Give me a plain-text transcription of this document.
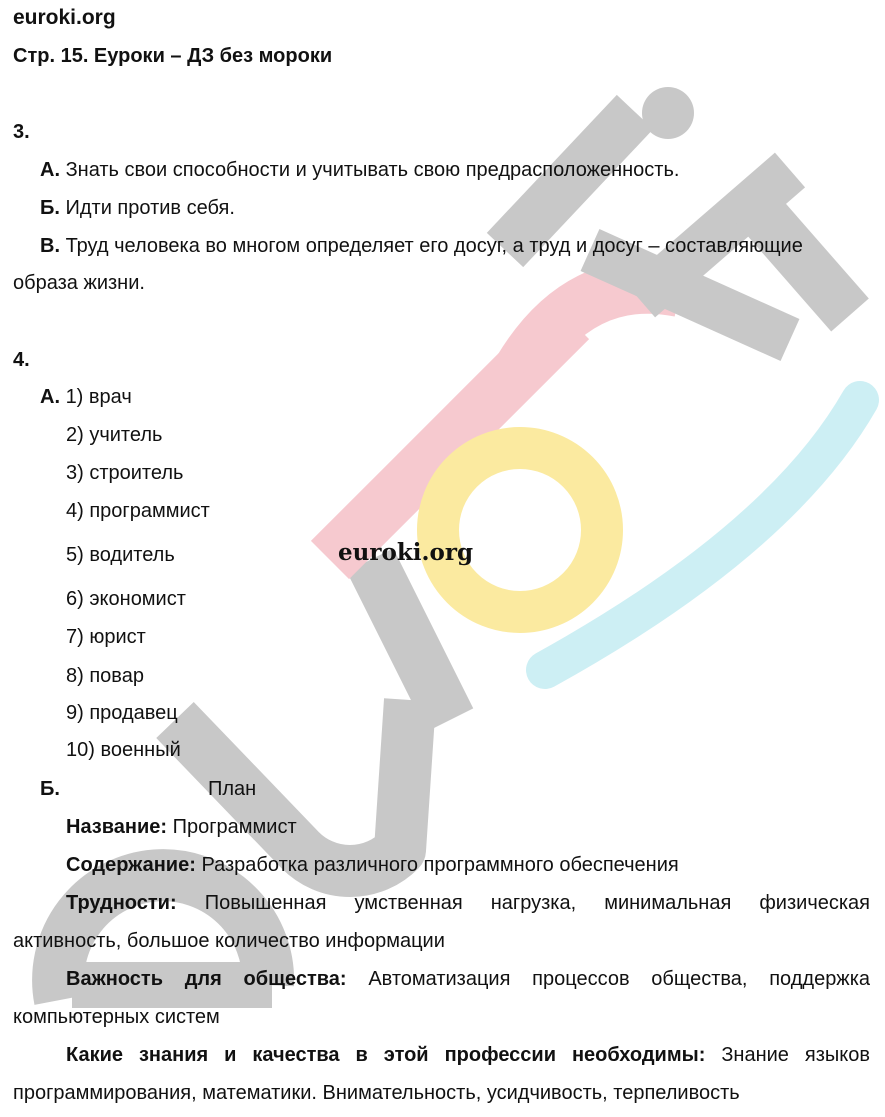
euroki.org
Стр. 15. Еуроки – ДЗ без мороки
3.
А. Знать свои способности и учитывать свою предрасположенность.
Б. Идти против себя.
В. Труд человека во многом определяет его досуг, а труд и досуг – составляющие
образа жизни.
4.
А. 1) врач
2) учитель
3) строитель
4) программист
5) водитель	euroki.org
6) экономист
7) юрист
8) повар
9) продавец
10) военный
Б.	План
Название: Программист
Содержание: Разработка различного программного обеспечения
Трудности: Повышенная умственная нагрузка, минимальная физическая
активность, большое количество информации
Важность для общества: Автоматизация процессов общества, поддержка
компьютерных систем
Какие знания и качества в этой профессии необходимы: Знание языков
программирования, математики. Внимательность, усидчивость, терпеливость
